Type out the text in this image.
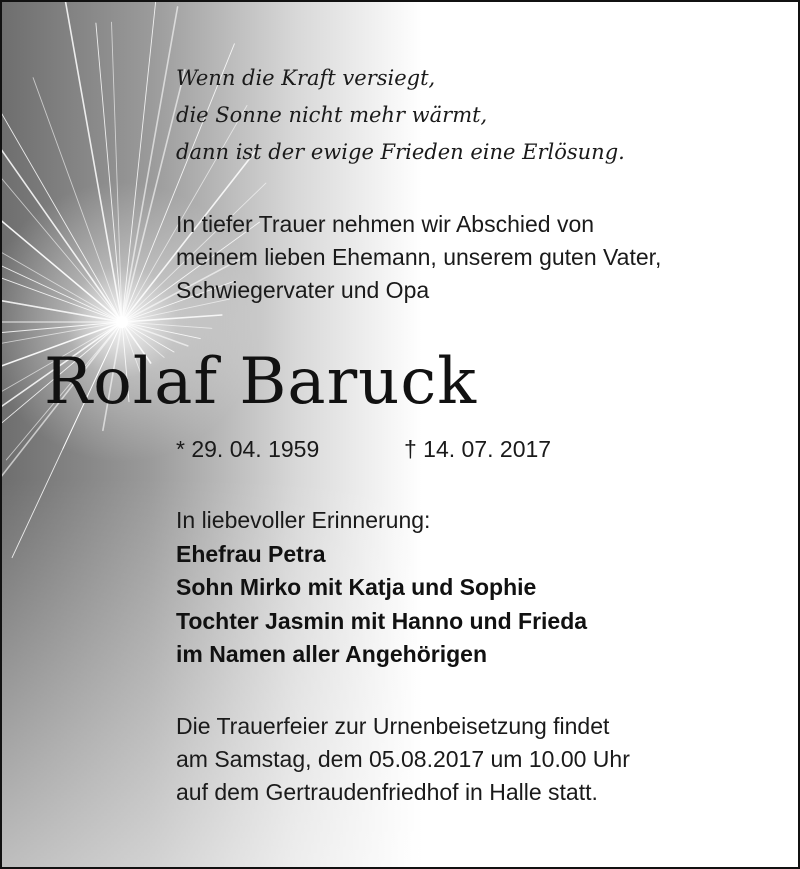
Wenn die Kraft versiegt,
die Sonne nicht mehr wärmt,
dann ist der ewige Frieden eine Erlösung.
In tiefer Trauer nehmen wir Abschied von
meinem lieben Ehemann, unserem guten Vater,
Schwiegervater und Opa
Rolaf Baruck
* 29. 04. 1959	† 14. 07. 2017
In liebevoller Erinnerung:
Ehefrau Petra
Sohn Mirko mit Katja und Sophie
Tochter Jasmin mit Hanno und Frieda
im Namen aller Angehörigen
Die Trauerfeier zur Urnenbeisetzung findet
am Samstag, dem 05.08.2017 um 10.00 Uhr
auf dem Gertraudenfriedhof in Halle statt.
